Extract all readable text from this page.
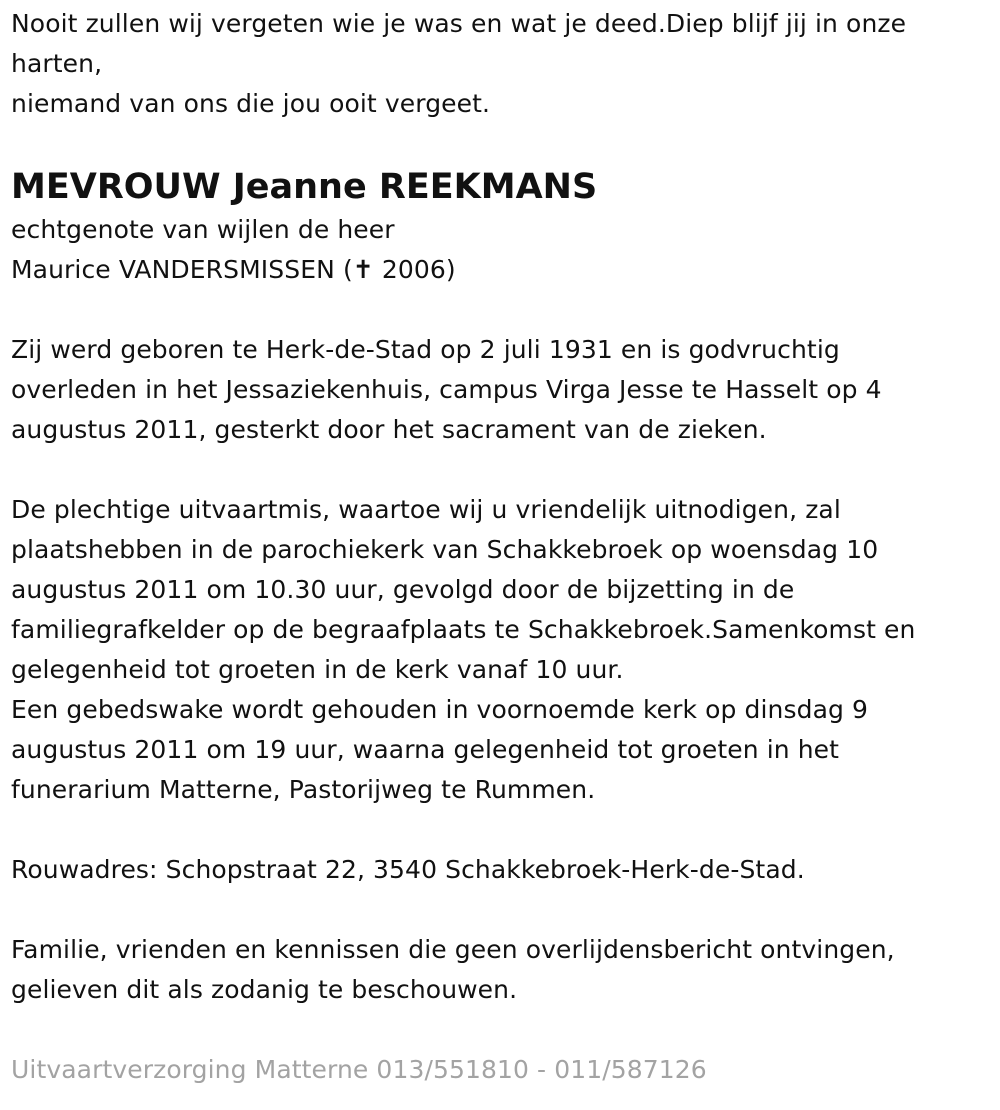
Nooit zullen wij vergeten wie je was en wat je deed.Diep blijf jij in onze

harten,

niemand van ons die jou ooit vergeet.

MEVROUW Jeanne REEKMANS

echtgenote van wijlen de heer

Maurice VANDERSMISSEN (✝ 2006)

Zij werd geboren te Herk-de-Stad op 2 juli 1931 en is godvruchtig

overleden in het Jessaziekenhuis, campus Virga Jesse te Hasselt op 4

augustus 2011, gesterkt door het sacrament van de zieken.

De plechtige uitvaartmis, waartoe wij u vriendelijk uitnodigen, zal

plaatshebben in de parochiekerk van Schakkebroek op woensdag 10

augustus 2011 om 10.30 uur, gevolgd door de bijzetting in de

familiegrafkelder op de begraafplaats te Schakkebroek.Samenkomst en

gelegenheid tot groeten in de kerk vanaf 10 uur.

Een gebedswake wordt gehouden in voornoemde kerk op dinsdag 9

augustus 2011 om 19 uur, waarna gelegenheid tot groeten in het

funerarium Matterne, Pastorijweg te Rummen.

Rouwadres: Schopstraat 22, 3540 Schakkebroek-Herk-de-Stad.

Familie, vrienden en kennissen die geen overlijdensbericht ontvingen,

gelieven dit als zodanig te beschouwen.

Uitvaartverzorging Matterne 013/551810 - 011/587126
